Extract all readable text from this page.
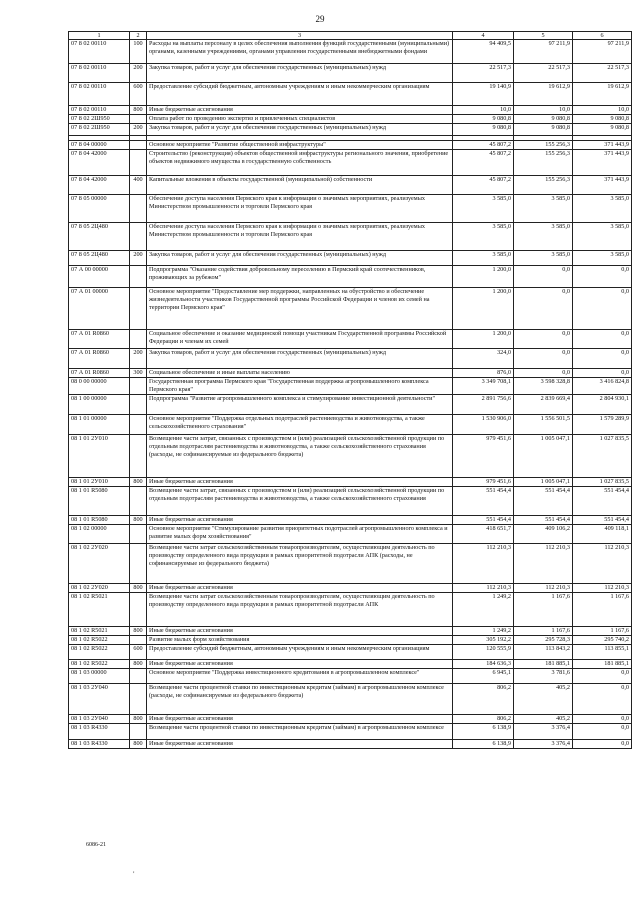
29
1	2	3	4	5	6
07 8 02 00110	100	Расходы на выплаты персоналу в целях обеспечения выполнения функций государственными (муниципальными) органами, казенными учреждениями, органами управления государственными внебюджетными фондами	94 409,5	97 211,9	97 211,9
07 8 02 00110	200	Закупка товаров, работ и услуг для обеспечения государственных (муниципальных) нужд	22 517,3	22 517,3	22 517,3
07 8 02 00110	600	Предоставление субсидий бюджетным, автономным учреждениям и иным некоммерческим организациям	19 140,9	19 612,9	19 612,9
07 8 02 00110	800	Иные бюджетные ассигнования	10,0	10,0	10,0
07 8 02 2Ш950		Оплата работ по проведению экспертиз и привлеченных специалистов	9 080,8	9 080,8	9 080,8
07 8 02 2Ш950	200	Закупка товаров, работ и услуг для обеспечения государственных (муниципальных) нужд	9 080,8	9 080,8	9 080,8

07 8 04 00000		Основное мероприятие "Развитие общественной инфраструктуры"	45 807,2	155 256,3	371 443,9
07 8 04 42000		Строительство (реконструкция) объектов общественной инфраструктуры регионального значения, приобретение объектов недвижимого имущества в государственную собственность	45 807,2	155 256,3	371 443,9
07 8 04 42000	400	Капитальные вложения в объекты государственной (муниципальной) собственности	45 807,2	155 256,3	371 443,9
07 8 05 00000		Обеспечение доступа населения Пермского края к информации о значимых мероприятиях, реализуемых Министерством промышленности и торговли Пермского края	3 585,0	3 585,0	3 585,0
07 8 05 2Ц480		Обеспечение доступа населения Пермского края к информации о значимых мероприятиях, реализуемых Министерством промышленности и торговли Пермского края	3 585,0	3 585,0	3 585,0
07 8 05 2Ц480	200	Закупка товаров, работ и услуг для обеспечения государственных (муниципальных) нужд	3 585,0	3 585,0	3 585,0
07 А 00 00000		Подпрограмма "Оказание содействия добровольному переселению в Пермский край соотечественников, проживающих за рубежом"	1 200,0	0,0	0,0
07 А 01 00000		Основное мероприятие "Предоставление мер поддержки, направленных на обустройство и обеспечение жизнедеятельности участников Государственной программы Российской Федерации и членов их семей на территории Пермского края"	1 200,0	0,0	0,0
07 А 01 R0860		Социальное обеспечение и оказание медицинской помощи участникам Государственной программы Российской Федерации и членам их семей	1 200,0	0,0	0,0
07 А 01 R0860	200	Закупка товаров, работ и услуг для обеспечения государственных (муниципальных) нужд	324,0	0,0	0,0
07 А 01 R0860	300	Социальное обеспечение и иные выплаты населению	876,0	0,0	0,0
08 0 00 00000		Государственная программа Пермского края "Государственная поддержка агропромышленного комплекса Пермского края"	3 349 708,1	3 598 328,8	3 416 824,8
08 1 00 00000		Подпрограмма "Развитие агропромышленного комплекса и стимулирование инвестиционной деятельности"	2 891 756,6	2 839 669,4	2 804 930,1
08 1 01 00000		Основное мероприятие "Поддержка отдельных подотраслей растениеводства и животноводства, а также сельскохозяйственного страхования"	1 530 906,0	1 556 501,5	1 579 289,9
08 1 01 2У010		Возмещение части затрат, связанных с производством и (или) реализацией сельскохозяйственной продукции по отдельным подотраслям растениеводства и животноводства, а также сельскохозяйственного страхования (расходы, не софинансируемые из федерального бюджета)	979 451,6	1 005 047,1	1 027 835,5
08 1 01 2У010	800	Иные бюджетные ассигнования	979 451,6	1 005 047,1	1 027 835,5
08 1 01 R5080		Возмещение части затрат, связанных с производством и (или) реализацией сельскохозяйственной продукции по отдельным подотраслям растениеводства и животноводства, а также сельскохозяйственного страхования	551 454,4	551 454,4	551 454,4
08 1 01 R5080	800	Иные бюджетные ассигнования	551 454,4	551 454,4	551 454,4
08 1 02 00000		Основное мероприятие "Стимулирование развития приоритетных подотраслей агропромышленного комплекса и развитие малых форм хозяйствования"	418 651,7	409 106,2	409 118,1
08 1 02 2У020		Возмещение части затрат сельскохозяйственным товаропроизводителям, осуществляющим деятельность по производству определенного вида продукции в рамках приоритетной подотрасли АПК (расходы, не софинансируемые из федерального бюджета)	112 210,3	112 210,3	112 210,3
08 1 02 2У020	800	Иные бюджетные ассигнования	112 210,3	112 210,3	112 210,3
08 1 02 R5021		Возмещение части затрат сельскохозяйственным товаропроизводителям, осуществляющим деятельность по производству определенного вида продукции в рамках приоритетной подотрасли АПК	1 249,2	1 167,6	1 167,6
08 1 02 R5021	800	Иные бюджетные ассигнования	1 249,2	1 167,6	1 167,6
08 1 02 R5022		Развитие малых форм хозяйствования	305 192,2	295 728,3	295 740,2
08 1 02 R5022	600	Предоставление субсидий бюджетным, автономным учреждениям и иным некоммерческим организациям	120 555,9	113 843,2	113 855,1
08 1 02 R5022	800	Иные бюджетные ассигнования	184 636,3	181 885,1	181 885,1
08 1 03 00000		Основное мероприятие "Поддержка инвестиционного кредитования в агропромышленном комплексе"	6 945,1	3 781,6	0,0
08 1 03 2У040		Возмещение части процентной ставки по инвестиционным кредитам (займам) в агропромышленном комплексе (расходы, не софинансируемые из федерального бюджета)	806,2	405,2	0,0
08 1 03 2У040	800	Иные бюджетные ассигнования	806,2	405,2	0,0
08 1 03 R4330		Возмещение части процентной ставки по инвестиционным кредитам (займам) в агропромышленном комплексе	6 138,9	3 376,4	0,0
08 1 03 R4330	800	Иные бюджетные ассигнования	6 138,9	3 376,4	0,0
6086-21
,
